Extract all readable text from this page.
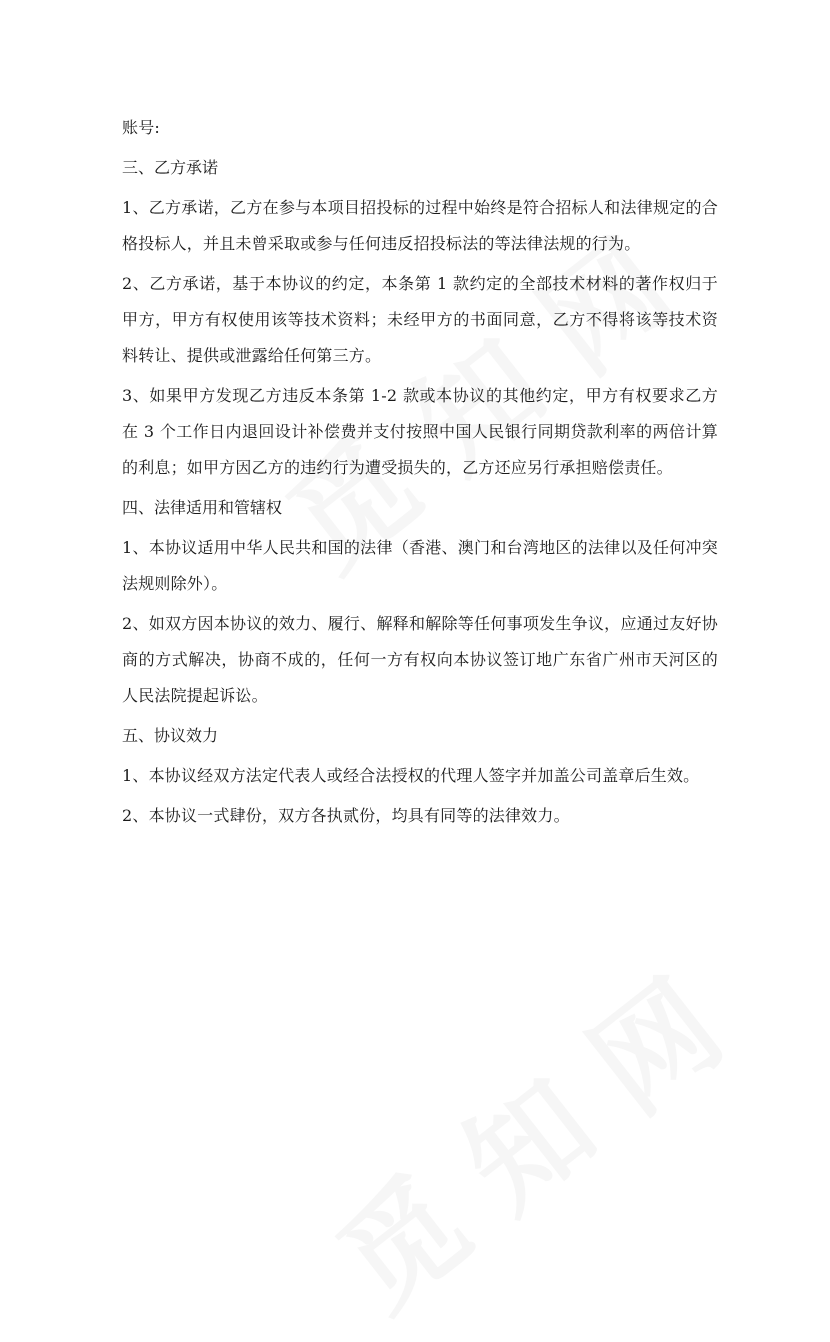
账号:

三、乙方承诺

1、乙方承诺，乙方在参与本项目招投标的过程中始终是符合招标人和法律规定的合格投标人，并且未曾采取或参与任何违反招投标法的等法律法规的行为。

2、乙方承诺，基于本协议的约定，本条第 1 款约定的全部技术材料的著作权归于甲方，甲方有权使用该等技术资料；未经甲方的书面同意，乙方不得将该等技术资料转让、提供或泄露给任何第三方。

3、如果甲方发现乙方违反本条第 1-2 款或本协议的其他约定，甲方有权要求乙方在 3 个工作日内退回设计补偿费并支付按照中国人民银行同期贷款利率的两倍计算的利息；如甲方因乙方的违约行为遭受损失的，乙方还应另行承担赔偿责任。

四、法律适用和管辖权

1、本协议适用中华人民共和国的法律（香港、澳门和台湾地区的法律以及任何冲突法规则除外）。

2、如双方因本协议的效力、履行、解释和解除等任何事项发生争议，应通过友好协商的方式解决，协商不成的，任何一方有权向本协议签订地广东省广州市天河区的人民法院提起诉讼。

五、协议效力

1、本协议经双方法定代表人或经合法授权的代理人签字并加盖公司盖章后生效。

2、本协议一式肆份，双方各执贰份，均具有同等的法律效力。
